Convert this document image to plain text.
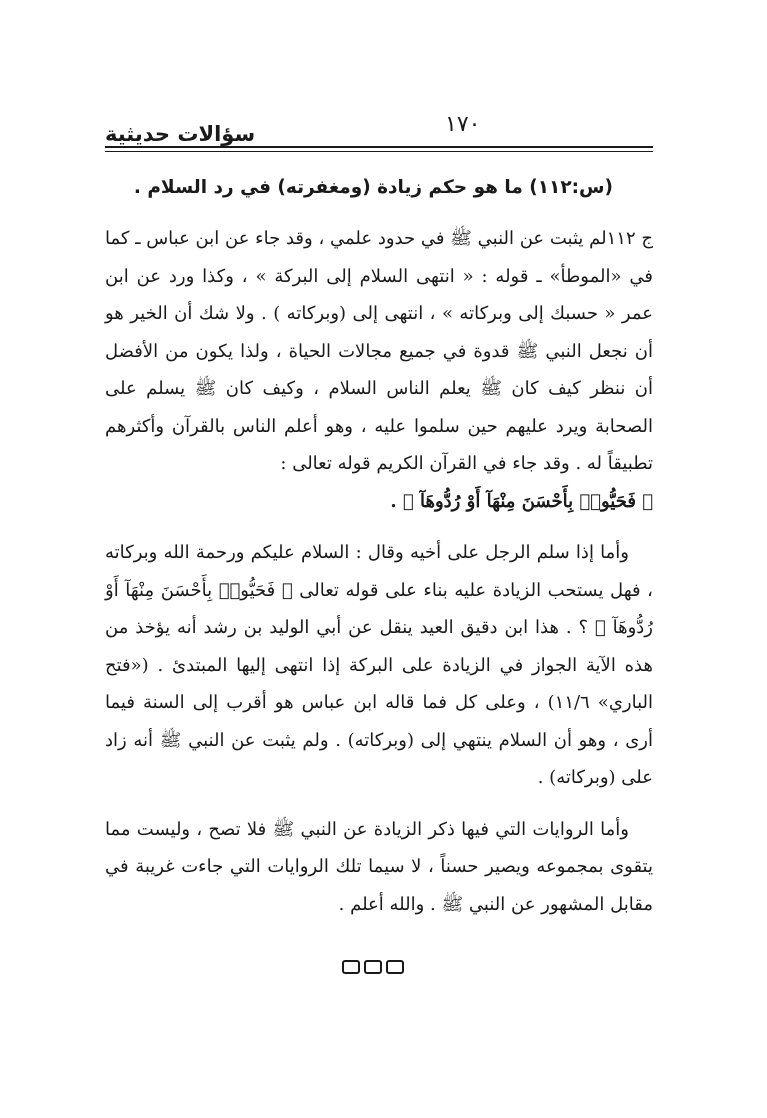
سؤالات حديثية	١٧٠
(س:١١٢) ما هو حكم زيادة (ومغفرته) في رد السلام .

ج ١١٢لم يثبت عن النبي ﷺ في حدود علمي ، وقد جاء عن ابن عباس ـ كما في «الموطأ» ـ قوله : « انتهى السلام إلى البركة » ، وكذا ورد عن ابن عمر « حسبك إلى وبركاته » ، انتهى إلى (وبركاته ) . ولا شك أن الخير هو أن نجعل النبي ﷺ قدوة في جميع مجالات الحياة ، ولذا يكون من الأفضل أن ننظر كيف كان ﷺ يعلم الناس السلام ، وكيف كان ﷺ يسلم على الصحابة ويرد عليهم حين سلموا عليه ، وهو أعلم الناس بالقرآن وأكثرهم تطبيقاً له . وقد جاء في القرآن الكريم قوله تعالى :
﴿ فَحَيُّوا۟ بِأَحْسَنَ مِنْهَآ أَوْ رُدُّوهَآ ﴾ .

وأما إذا سلم الرجل على أخيه وقال : السلام عليكم ورحمة الله وبركاته ، فهل يستحب الزيادة عليه بناء على قوله تعالى ﴿ فَحَيُّوا۟ بِأَحْسَنَ مِنْهَآ أَوْ رُدُّوهَآ ﴾ ؟ . هذا ابن دقيق العيد ينقل عن أبي الوليد بن رشد أنه يؤخذ من هذه الآية الجواز في الزيادة على البركة إذا انتهى إليها المبتدئ . («فتح الباري» ١١/٦) ، وعلى كل فما قاله ابن عباس هو أقرب إلى السنة فيما أرى ، وهو أن السلام ينتهي إلى (وبركاته) . ولم يثبت عن النبي ﷺ أنه زاد على (وبركاته) .

وأما الروايات التي فيها ذكر الزيادة عن النبي ﷺ فلا تصح ، وليست مما يتقوى بمجموعه ويصير حسناً ، لا سيما تلك الروايات التي جاءت غريبة في مقابل المشهور عن النبي ﷺ . والله أعلم .
